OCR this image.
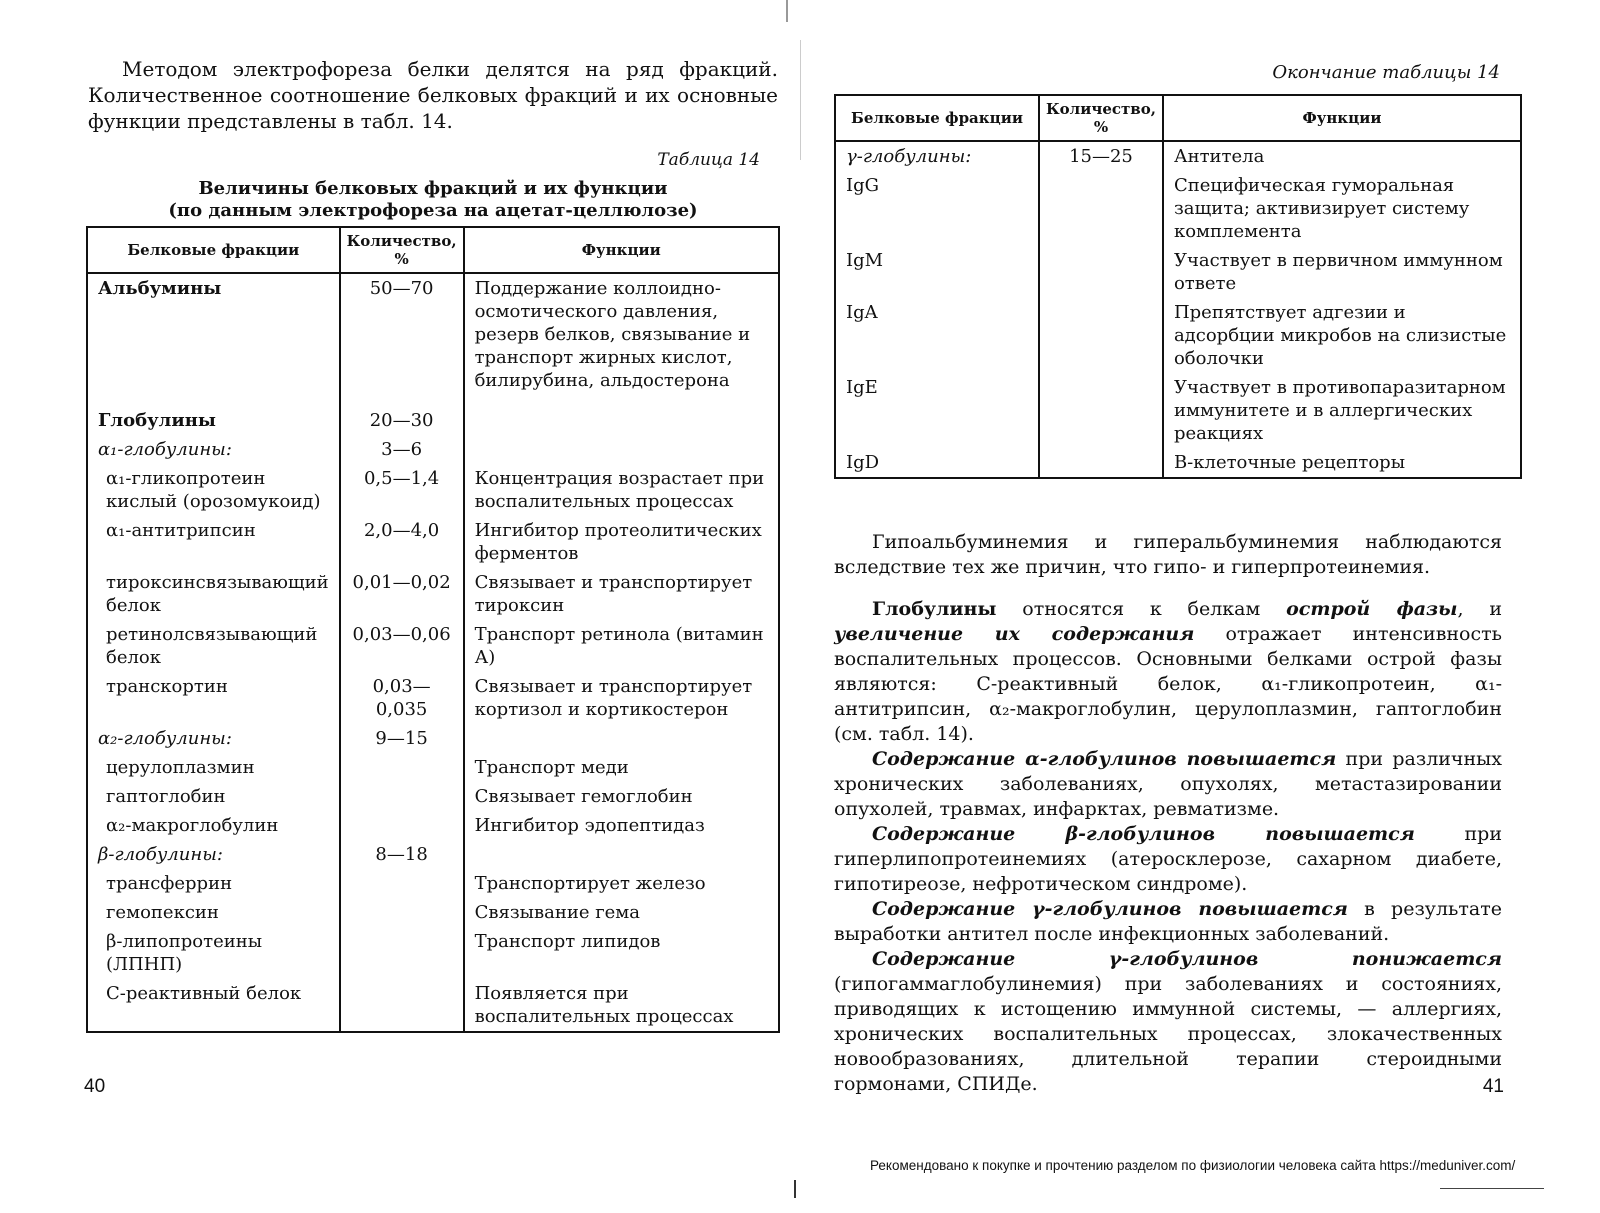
Методом электрофореза белки делятся на ряд фракций. Количественное соотношение белковых фракций и их основные функции представлены в табл. 14.
Таблица 14
Величины белковых фракций и их функции
(по данным электрофореза на ацетат-целлюлозе)
Белковые фракции	Количество, %	Функции
Альбумины	50—70	Поддержание коллоидно-осмотического давления, резерв белков, связывание и транспорт жирных кислот, билирубина, альдостерона
Глобулины	20—30	
α₁-глобулины:	3—6	
α₁-гликопротеин кислый (орозомукоид)	0,5—1,4	Концентрация возрастает при воспалительных процессах
α₁-антитрипсин	2,0—4,0	Ингибитор протеолитических ферментов
тироксинсвязывающий белок	0,01—0,02	Связывает и транспортирует тироксин
ретинолсвязывающий белок	0,03—0,06	Транспорт ретинола (витамин А)
транскортин	0,03—0,035	Связывает и транспортирует кортизол и кортикостерон
α₂-глобулины:	9—15	
церулоплазмин		Транспорт меди
гаптоглобин		Связывает гемоглобин
α₂-макроглобулин		Ингибитор эдопептидаз
β-глобулины:	8—18	
трансферрин		Транспортирует железо
гемопексин		Связывание гема
β-липопротеины (ЛПНП)		Транспорт липидов
С-реактивный белок		Появляется при воспалительных процессах
40
Окончание таблицы 14
Белковые фракции	Количество, %	Функции
γ-глобулины:	15—25	Антитела
IgG		Специфическая гуморальная защита; активизирует систему комплемента
IgM		Участвует в первичном иммунном ответе
IgA		Препятствует адгезии и адсорбции микробов на слизистые оболочки
IgE		Участвует в противопаразитарном иммунитете и в аллергических реакциях
IgD		В-клеточные рецепторы
Гипоальбуминемия и гиперальбуминемия наблюдаются вследствие тех же причин, что гипо- и гиперпротеинемия.
Глобулины относятся к белкам острой фазы, и увеличение их содержания отражает интенсивность воспалительных процессов. Основными белками острой фазы являются: С-реактивный белок, α₁-гликопротеин, α₁-антитрипсин, α₂-макроглобулин, церулоплазмин, гаптоглобин (см. табл. 14).
Содержание α-глобулинов повышается при различных хронических заболеваниях, опухолях, метастазировании опухолей, травмах, инфарктах, ревматизме.
Содержание β-глобулинов повышается при гиперлипопротеинемиях (атеросклерозе, сахарном диабете, гипотиреозе, нефротическом синдроме).
Содержание γ-глобулинов повышается в результате выработки антител после инфекционных заболеваний.
Содержание γ-глобулинов понижается (гипогаммаглобулинемия) при заболеваниях и состояниях, приводящих к истощению иммунной системы, — аллергиях, хронических воспалительных процессах, злокачественных новообразованиях, длительной терапии стероидными гормонами, СПИДе.	41
Рекомендовано к покупке и прочтению разделом по физиологии человека сайта https://meduniver.com/
